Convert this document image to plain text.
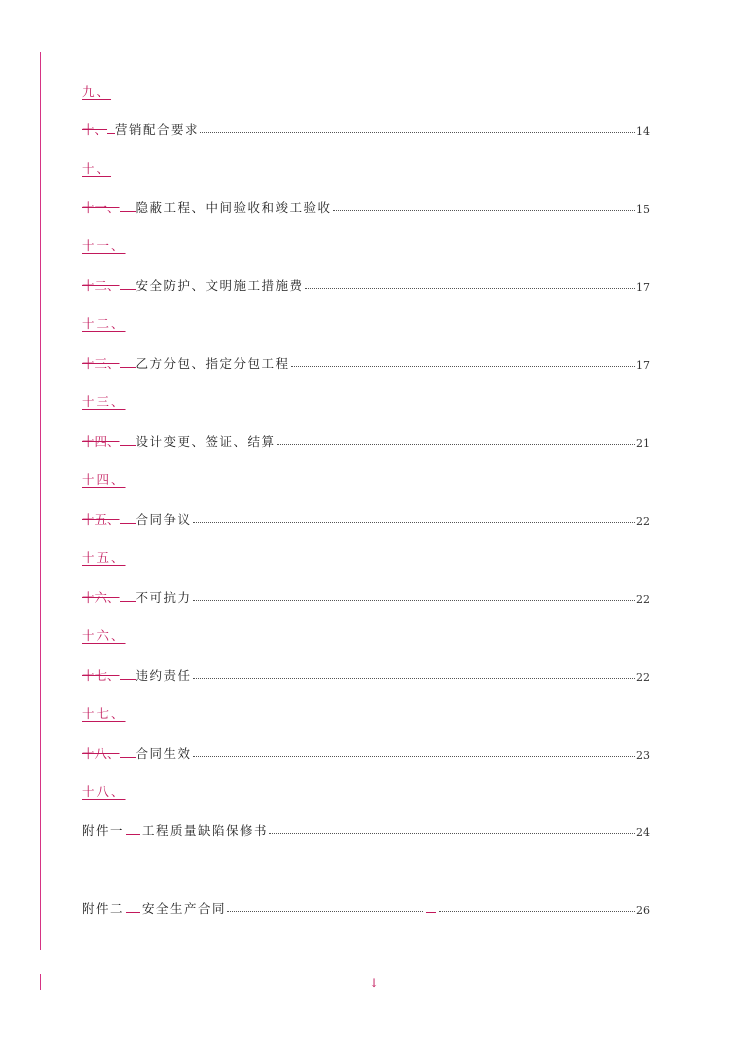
九、
十、 营销配合要求	14
十、
十一、 隐蔽工程、中间验收和竣工验收	15
十一、
十二、 安全防护、文明施工措施费	17
十二、
十三、 乙方分包、指定分包工程	17
十三、
十四、 设计变更、签证、结算	21
十四、
十五、 合同争议	22
十五、
十六、 不可抗力	22
十六、
十七、 违约责任	22
十七、
十八、 合同生效	23
十八、
附件一 工程质量缺陷保修书	24
附件二 安全生产合同	26
↓
